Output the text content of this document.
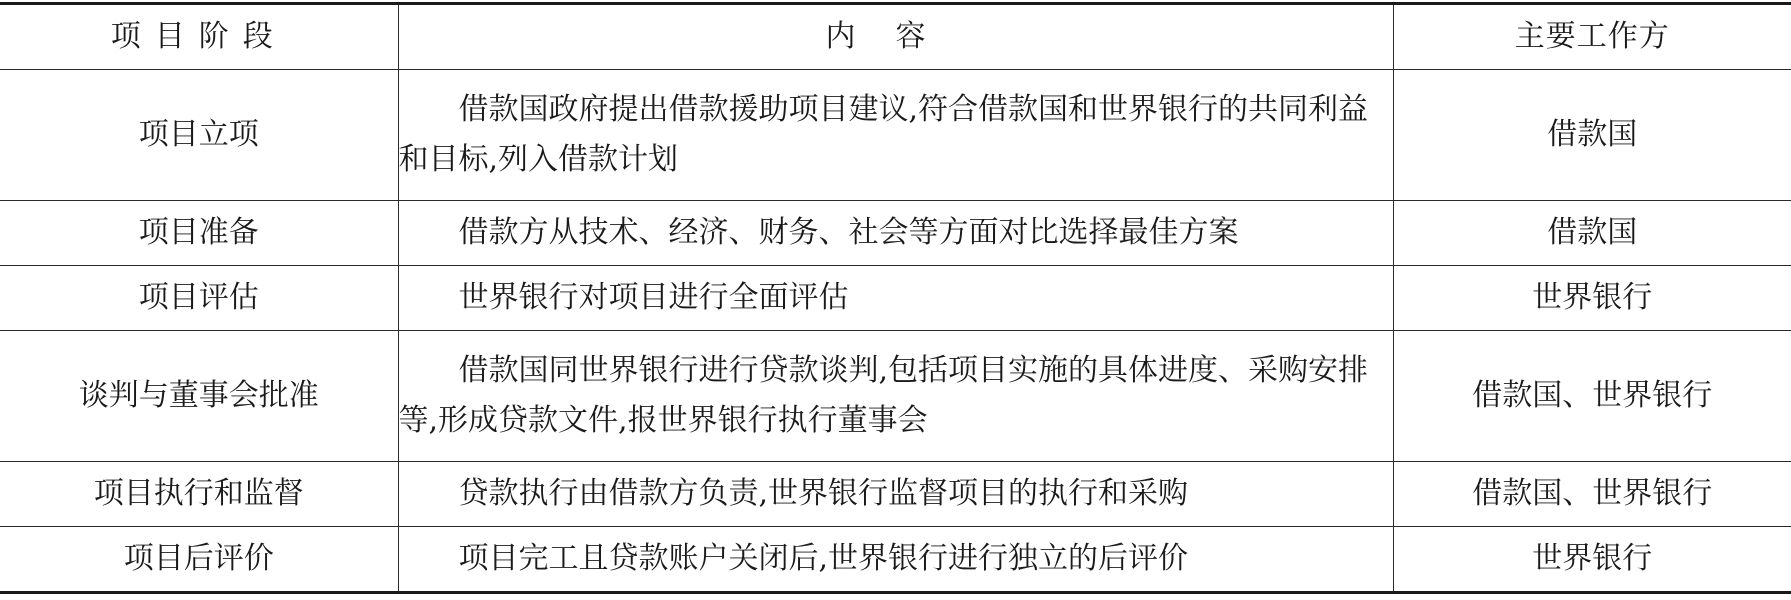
项目阶段	内容	主要工作方
项目立项	借款国政府提出借款援助项目建议,符合借款国和世界银行的共同利益和目标,列入借款计划	借款国
项目准备	借款方从技术、经济、财务、社会等方面对比选择最佳方案	借款国
项目评估	世界银行对项目进行全面评估	世界银行
谈判与董事会批准	借款国同世界银行进行贷款谈判,包括项目实施的具体进度、采购安排等,形成贷款文件,报世界银行执行董事会	借款国、世界银行
项目执行和监督	贷款执行由借款方负责,世界银行监督项目的执行和采购	借款国、世界银行
项目后评价	项目完工且贷款账户关闭后,世界银行进行独立的后评价	世界银行
